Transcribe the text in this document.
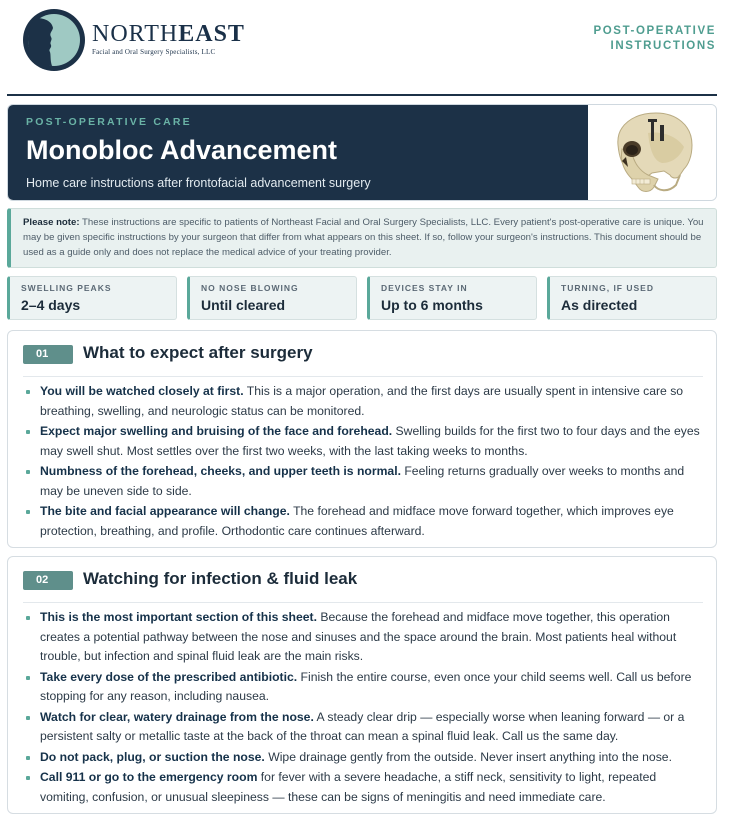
NORTHEAST
Facial and Oral Surgery Specialists, LLC
POST-OPERATIVE
INSTRUCTIONS
POST-OPERATIVE CARE
Monobloc Advancement
Home care instructions after frontofacial advancement surgery
Please note: These instructions are specific to patients of Northeast Facial and Oral Surgery Specialists, LLC. Every patient's post-operative care is unique. You may be given specific instructions by your surgeon that differ from what appears on this sheet. If so, follow your surgeon's instructions. This document should be used as a guide only and does not replace the medical advice of your treating provider.
SWELLING PEAKS
2–4 days
NO NOSE BLOWING
Until cleared
DEVICES STAY IN
Up to 6 months
TURNING, IF USED
As directed
01	What to expect after surgery
You will be watched closely at first. This is a major operation, and the first days are usually spent in intensive care so breathing, swelling, and neurologic status can be monitored.
Expect major swelling and bruising of the face and forehead. Swelling builds for the first two to four days and the eyes may swell shut. Most settles over the first two weeks, with the last taking weeks to months.
Numbness of the forehead, cheeks, and upper teeth is normal. Feeling returns gradually over weeks to months and may be uneven side to side.
The bite and facial appearance will change. The forehead and midface move forward together, which improves eye protection, breathing, and profile. Orthodontic care continues afterward.
02	Watching for infection & fluid leak
This is the most important section of this sheet. Because the forehead and midface move together, this operation creates a potential pathway between the nose and sinuses and the space around the brain. Most patients heal without trouble, but infection and spinal fluid leak are the main risks.
Take every dose of the prescribed antibiotic. Finish the entire course, even once your child seems well. Call us before stopping for any reason, including nausea.
Watch for clear, watery drainage from the nose. A steady clear drip — especially worse when leaning forward — or a persistent salty or metallic taste at the back of the throat can mean a spinal fluid leak. Call us the same day.
Do not pack, plug, or suction the nose. Wipe drainage gently from the outside. Never insert anything into the nose.
Call 911 or go to the emergency room for fever with a severe headache, a stiff neck, sensitivity to light, repeated vomiting, confusion, or unusual sleepiness — these can be signs of meningitis and need immediate care.
